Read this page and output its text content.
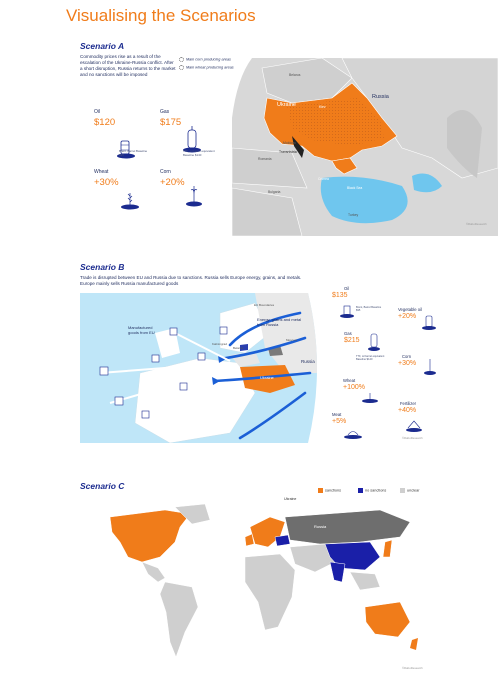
Visualising the Scenarios
Scenario A
Commodity prices rise as a result of the escalation of the Ukraine-Russia conflict. After a short disruption, Russia returns to the market and no sanctions will be imposed
Main corn producing areas
Main wheat producing areas
Oil
$120
Brent, Barrel Baseline $95
Gas
$175
TTF, oil barrel equivalent Baseline $140
Wheat
+30%
Corn
+20%
Belarus
Russia
Ukraine	Kiev
Moldova
Transnistria
Romania
Bulgaria
Crimea
Black Sea
Turkey
©RaboResearch
Scenario B
Trade is disrupted between EU and Russia due to sanctions. Russia sells Europe energy, grains, and metals. Europe mainly sells Russia manufactured goods
Manufactured goods from EU
Energy, grains and metal from Russia
EU Boundaries
Moscow
Belarus
Kaliningrad
Russia
Ukraine
Oil
$135
Brent, Barrel Baseline $95	Vegetable oil
+20%
Gas
$215
TTF, oil barrel equivalent Baseline $140
Corn
+30%
Wheat
+100%
Fertilizer
+40%
Meat
+5%
©RaboResearch
Scenario C	sanctions	no sanctions	unclear
Ukraine
Russia
©RaboResearch
